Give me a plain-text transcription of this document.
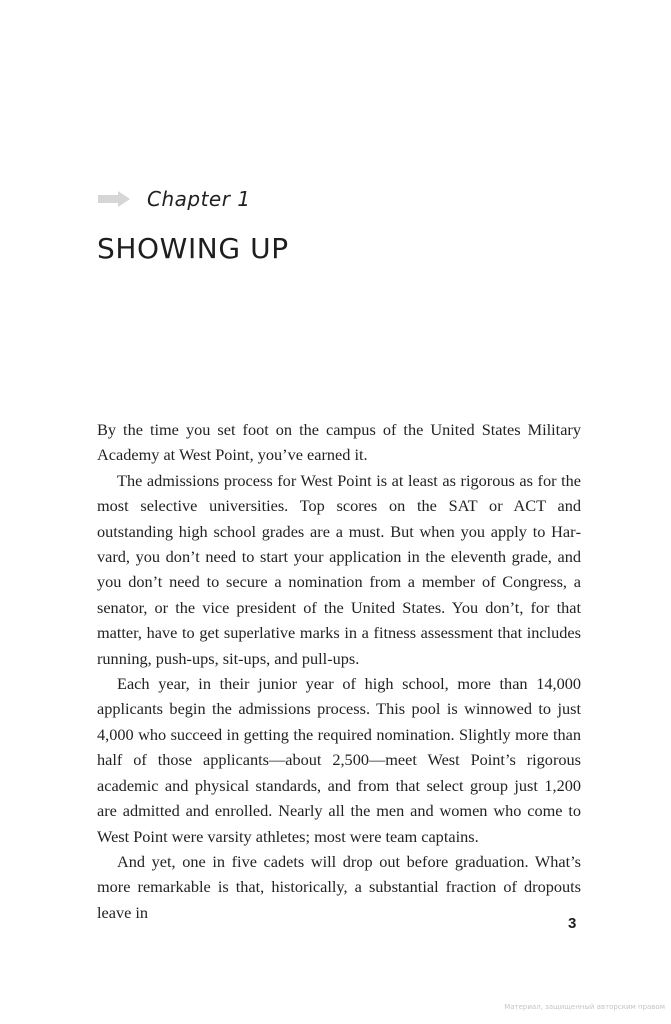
Chapter 1
SHOWING UP

By the time you set foot on the campus of the United States Military Academy at West Point, you’ve earned it.

The admissions process for West Point is at least as rigorous as for the most selective universities. Top scores on the SAT or ACT and outstanding high school grades are a must. But when you apply to Harvard, you don’t need to start your application in the eleventh grade, and you don’t need to secure a nomination from a member of Congress, a senator, or the vice president of the United States. You don’t, for that matter, have to get superlative marks in a fitness assessment that includes running, push-ups, sit-ups, and pull-ups.

Each year, in their junior year of high school, more than 14,000 applicants begin the admissions process. This pool is winnowed to just 4,000 who succeed in getting the required nomination. Slightly more than half of those applicants—about 2,500—meet West Point’s rigorous academic and physical standards, and from that select group just 1,200 are admitted and enrolled. Nearly all the men and women who come to West Point were varsity athletes; most were team captains.

And yet, one in five cadets will drop out before graduation. What’s more remarkable is that, historically, a substantial fraction of dropouts leave in

3
Материал, защищенный авторским правом
